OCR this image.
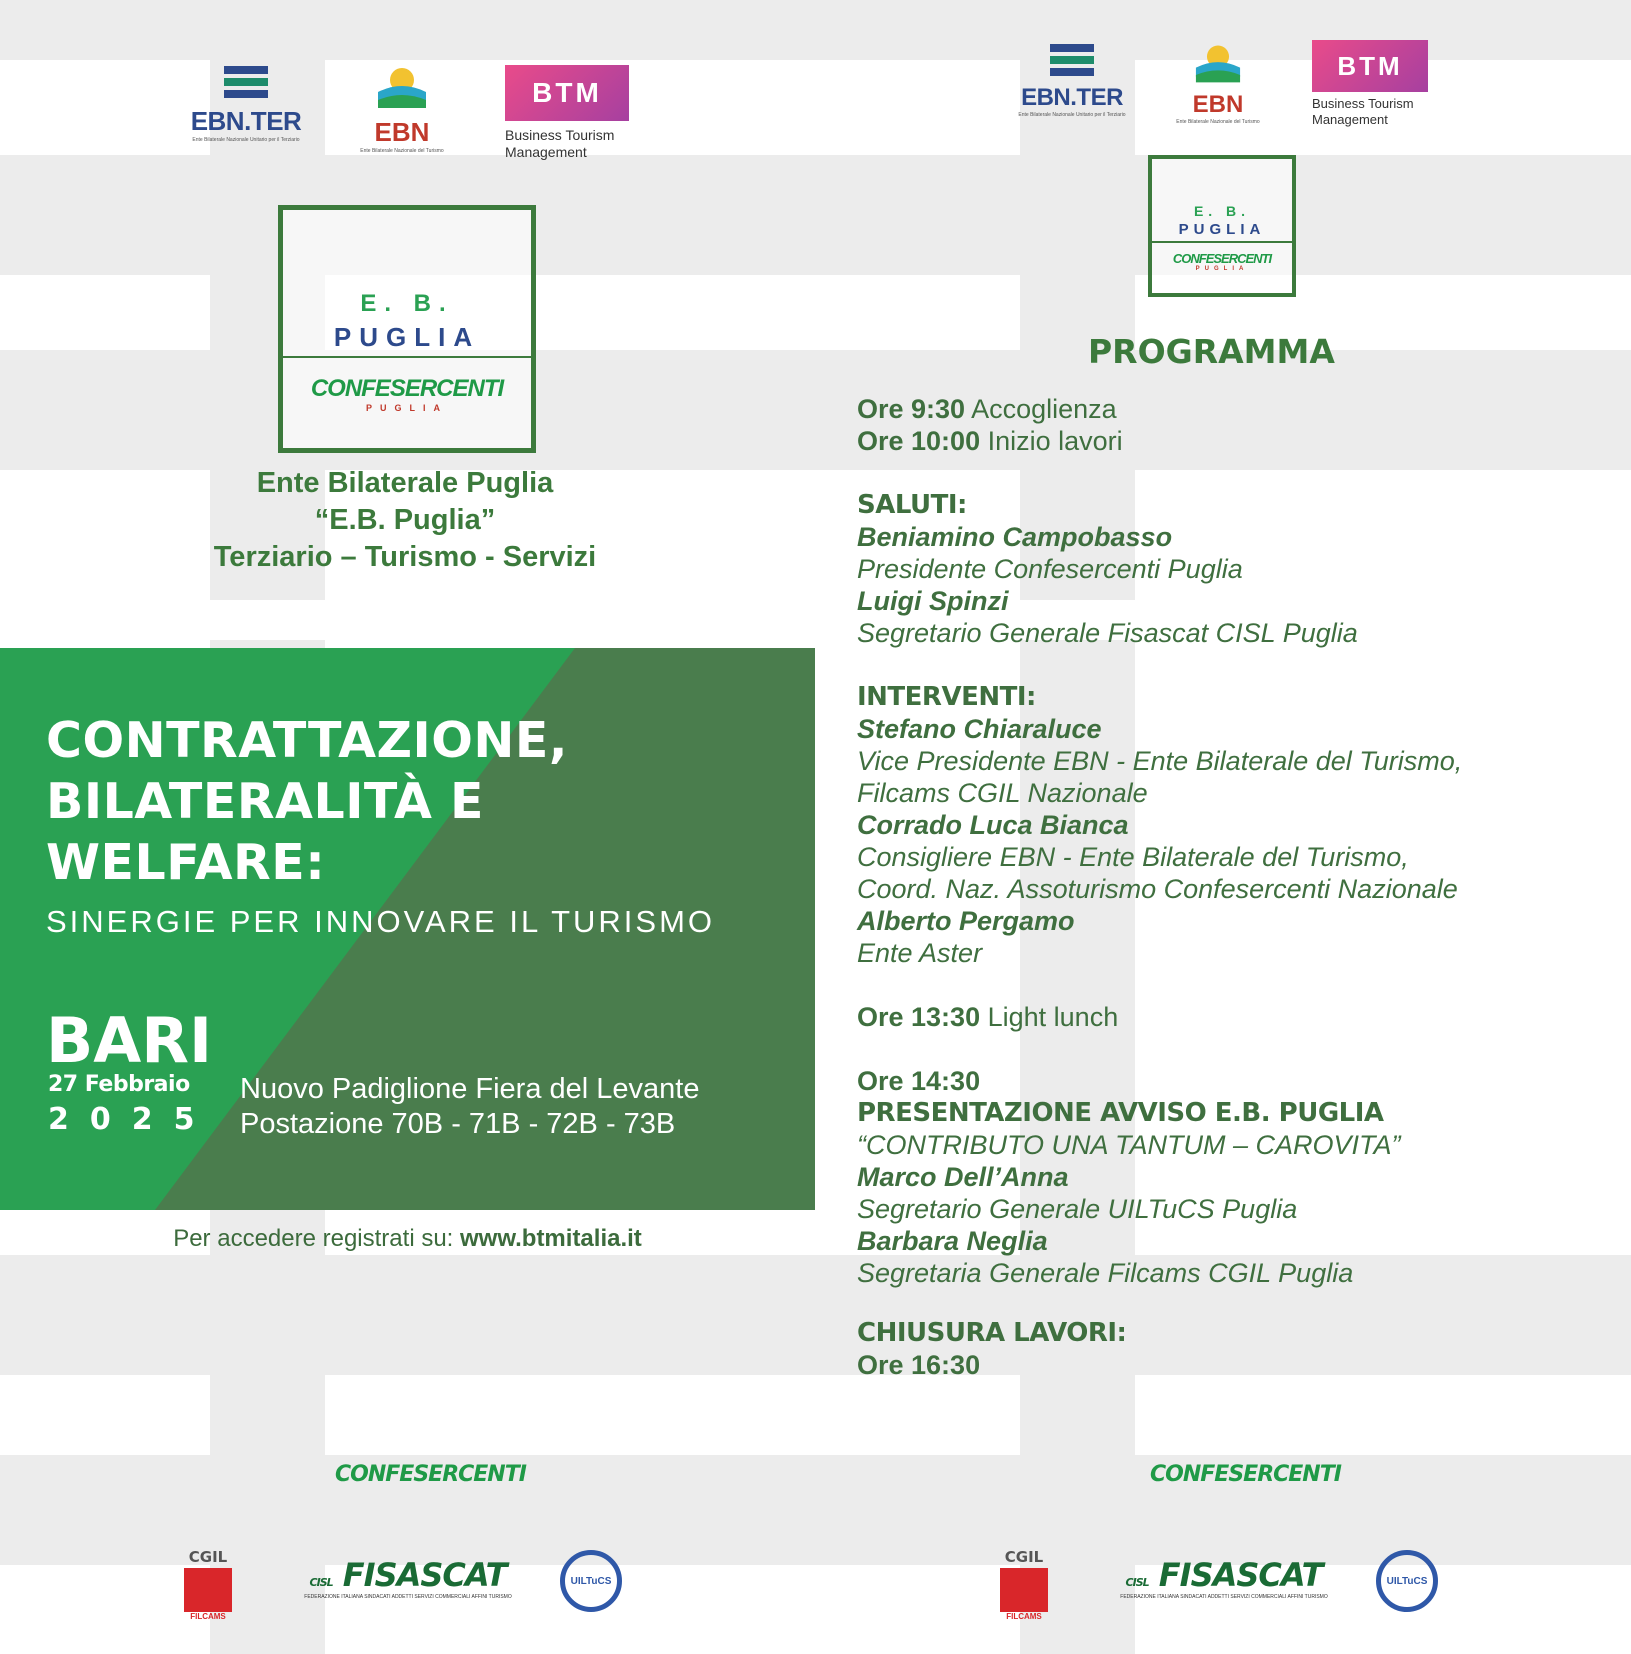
EBN.TER
Ente Bilaterale Nazionale Unitario per il Terziario	EBN
Ente Bilaterale Nazionale del Turismo
BTM
Business Tourism
Management
E. B.
PUGLIA
CONFESERCENTI
PUGLIA
Ente Bilaterale Puglia
“E.B. Puglia”
Terziario – Turismo - Servizi
CONTRATTAZIONE,
BILATERALITÀ E
WELFARE:
SINERGIE PER INNOVARE IL TURISMO
BARI
27 Febbraio
2025
Nuovo Padiglione Fiera del Levante
Postazione 70B - 71B - 72B - 73B
Per accedere registrati su: www.btmitalia.it
EBN.TER
Ente Bilaterale Nazionale Unitario per il Terziario	EBN
Ente Bilaterale Nazionale del Turismo
BTM
Business Tourism
Management
E. B.
PUGLIA
CONFESERCENTI
PUGLIA
PROGRAMMA
Ore 9:30 Accoglienza
Ore 10:00 Inizio lavori
SALUTI:
Beniamino Campobasso
Presidente Confesercenti Puglia
Luigi Spinzi
Segretario Generale Fisascat CISL Puglia
INTERVENTI:
Stefano Chiaraluce
Vice Presidente EBN - Ente Bilaterale del Turismo,
Filcams CGIL Nazionale
Corrado Luca Bianca
Consigliere EBN - Ente Bilaterale del Turismo,
Coord. Naz. Assoturismo Confesercenti Nazionale
Alberto Pergamo
Ente Aster
Ore 13:30 Light lunch
Ore 14:30
PRESENTAZIONE AVVISO E.B. PUGLIA
“CONTRIBUTO UNA TANTUM – CAROVITA”
Marco Dell’Anna
Segretario Generale UILTuCS Puglia
Barbara Neglia
Segretaria Generale Filcams CGIL Puglia
CHIUSURA LAVORI:
Ore 16:30
CONFESERCENTI	CONFESERCENTI
CGIL
FILCAMS
CISL FISASCAT
FEDERAZIONE ITALIANA SINDACATI ADDETTI SERVIZI COMMERCIALI AFFINI TURISMO
UILTuCS
CGIL
FILCAMS
CISL FISASCAT
FEDERAZIONE ITALIANA SINDACATI ADDETTI SERVIZI COMMERCIALI AFFINI TURISMO
UILTuCS
